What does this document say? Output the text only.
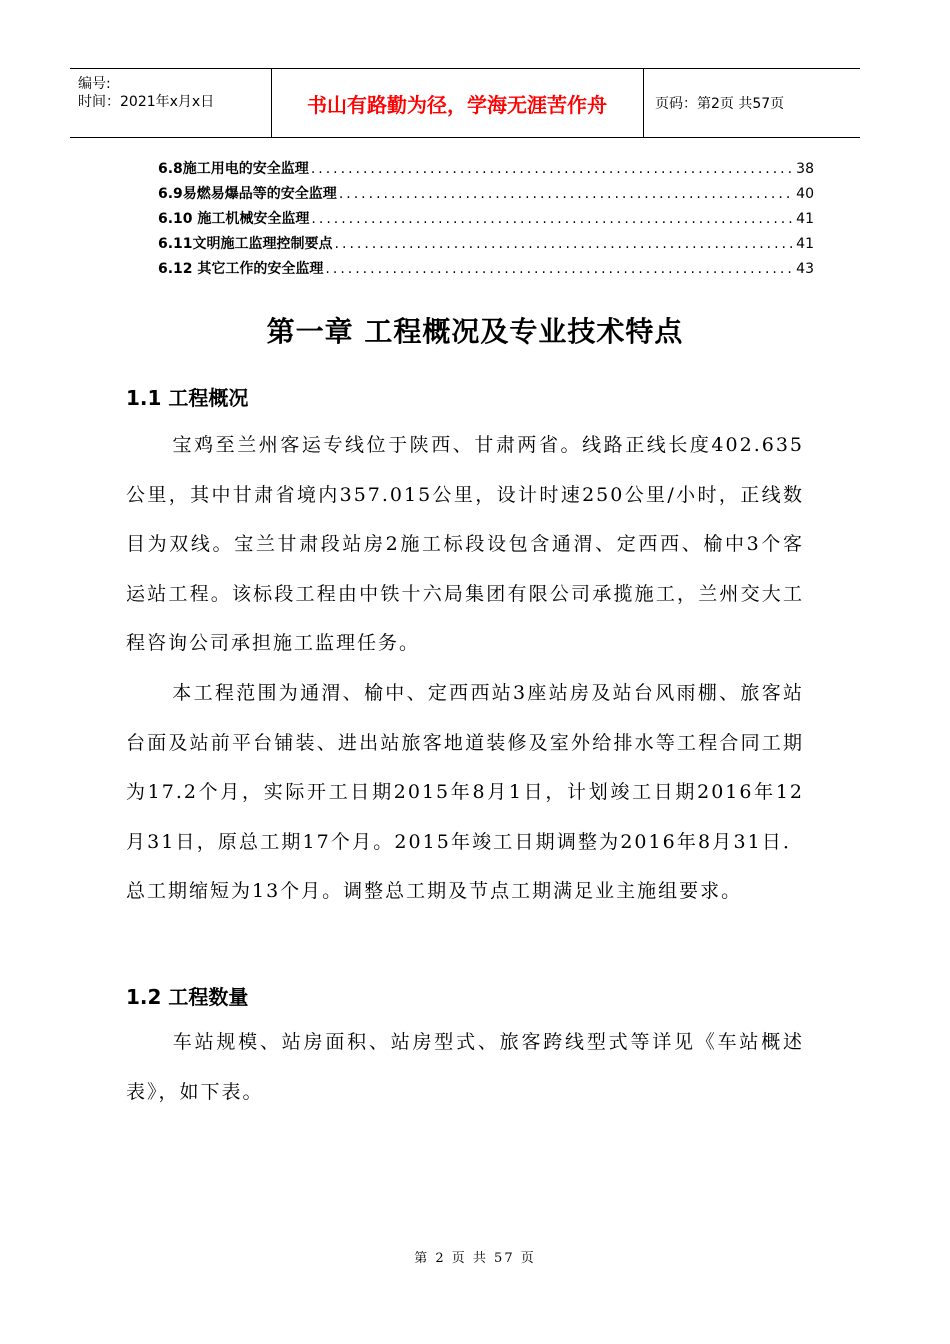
编号:
时间：2021年x月x日	书山有路勤为径，学海无涯苦作舟	页码：第2页 共57页
6.8施工用电的安全监理 .....	38
6.9易燃易爆品等的安全监理 .....	40
6.10 施工机械安全监理 .....	41
6.11文明施工监理控制要点 .....	41
6.12 其它工作的安全监理 .....	43
第一章 工程概况及专业技术特点
1.1 工程概况
宝鸡至兰州客运专线位于陕西、甘肃两省。线路正线长度402.635公里，其中甘肃省境内357.015公里，设计时速250公里/小时，正线数目为双线。宝兰甘肃段站房2施工标段设包含通渭、定西西、榆中3个客运站工程。该标段工程由中铁十六局集团有限公司承揽施工，兰州交大工程咨询公司承担施工监理任务。
本工程范围为通渭、榆中、定西西站3座站房及站台风雨棚、旅客站台面及站前平台铺装、进出站旅客地道装修及室外给排水等工程合同工期为17.2个月，实际开工日期2015年8月1日，计划竣工日期2016年12月31日，原总工期17个月。2015年竣工日期调整为2016年8月31日．总工期缩短为13个月。调整总工期及节点工期满足业主施组要求。
1.2 工程数量
车站规模、站房面积、站房型式、旅客跨线型式等详见《车站概述表》，如下表。
第 2 页 共 57 页
